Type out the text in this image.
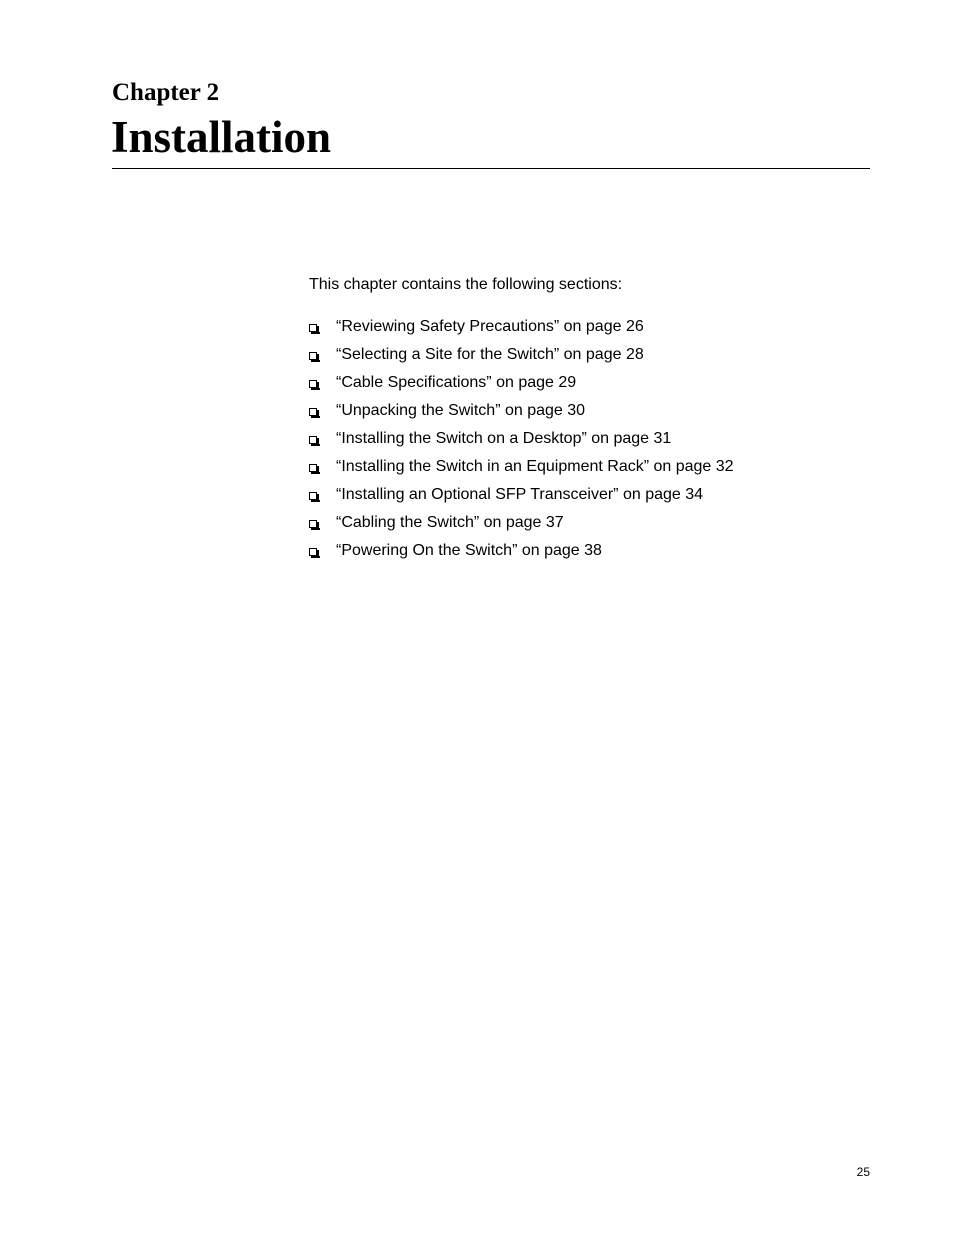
Chapter 2
Installation

This chapter contains the following sections:

“Reviewing Safety Precautions” on page 26
“Selecting a Site for the Switch” on page 28
“Cable Specifications” on page 29
“Unpacking the Switch” on page 30
“Installing the Switch on a Desktop” on page 31
“Installing the Switch in an Equipment Rack” on page 32
“Installing an Optional SFP Transceiver” on page 34
“Cabling the Switch” on page 37
“Powering On the Switch” on page 38

25
